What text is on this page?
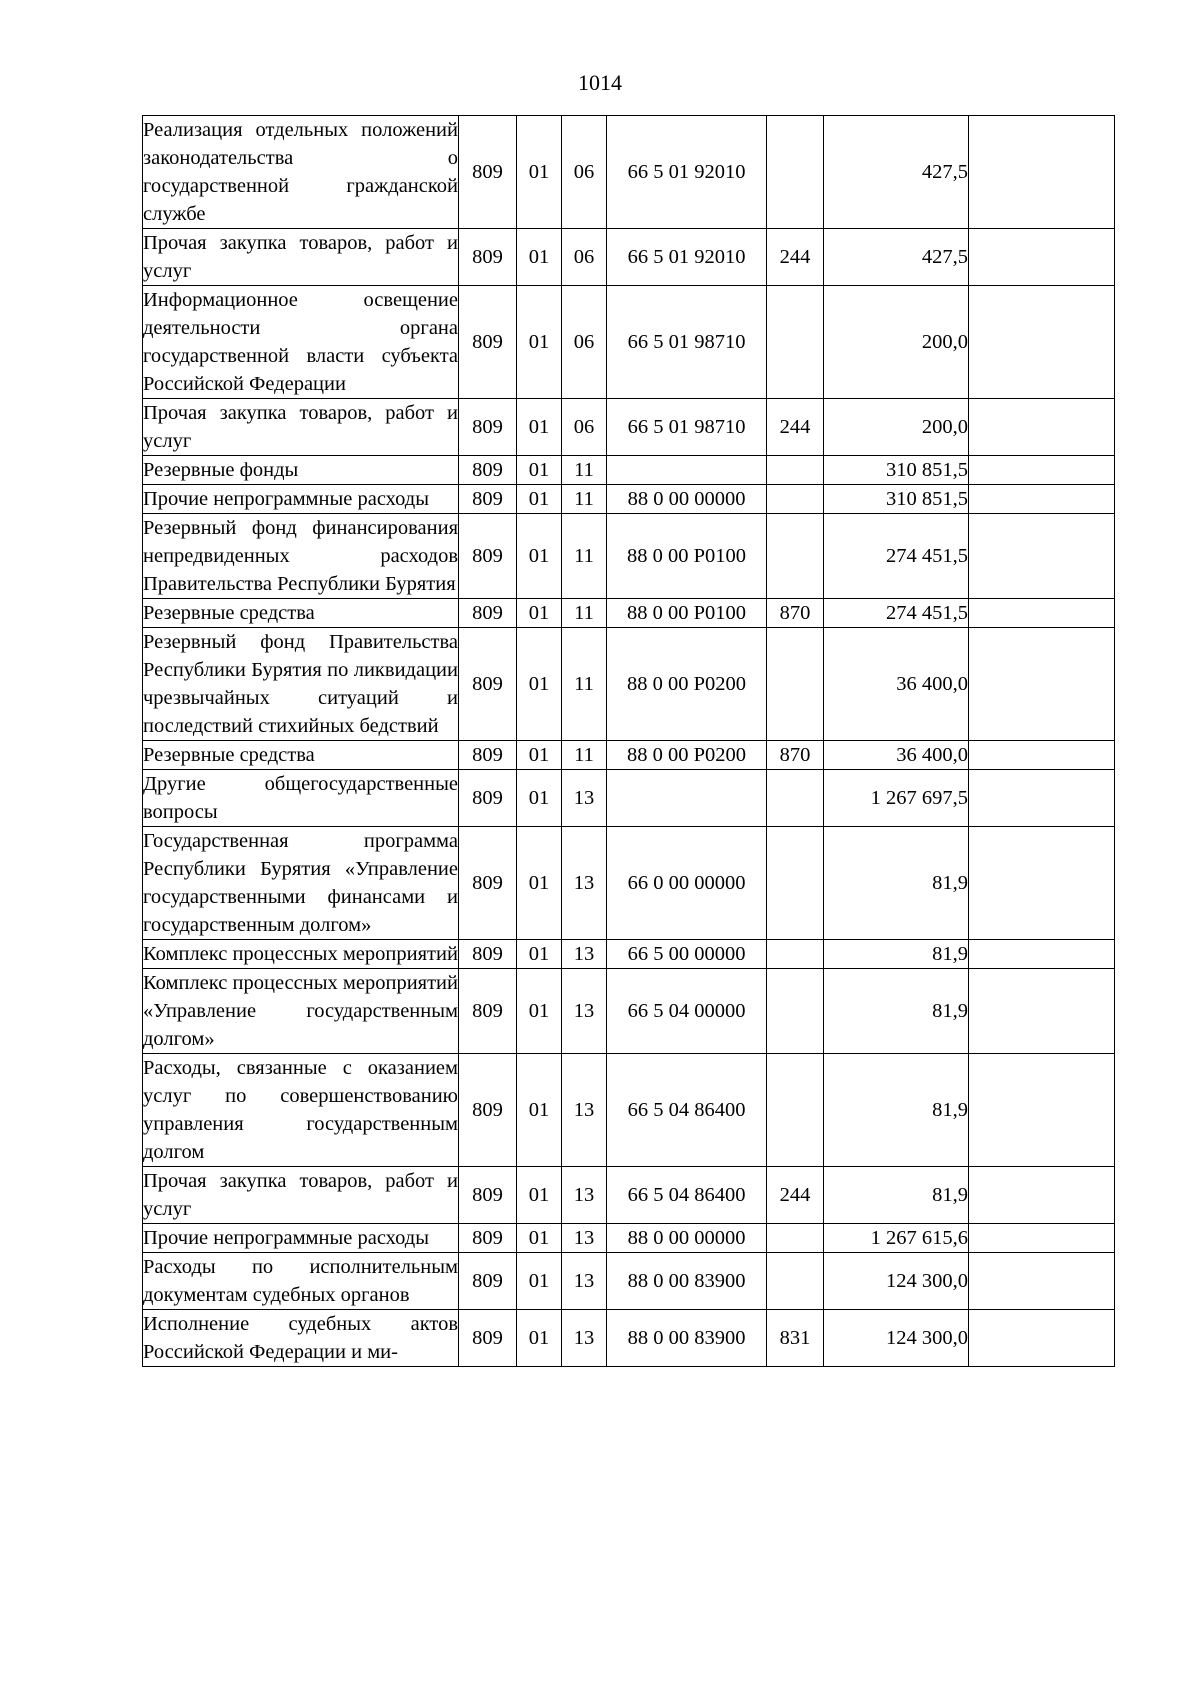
1014
Реализация отдельных положений законодательства о государственной гражданской службе	809	01	06	66 5 01 92010		427,5	
Прочая закупка товаров, работ и услуг	809	01	06	66 5 01 92010	244	427,5	
Информационное освещение деятельности органа государственной власти субъекта Российской Федерации	809	01	06	66 5 01 98710		200,0	
Прочая закупка товаров, работ и услуг	809	01	06	66 5 01 98710	244	200,0	
Резервные фонды	809	01	11			310 851,5	
Прочие непрограммные расходы	809	01	11	88 0 00 00000		310 851,5	
Резервный фонд финансирования непредвиденных расходов Правительства Республики Бурятия	809	01	11	88 0 00 Р0100		274 451,5	
Резервные средства	809	01	11	88 0 00 Р0100	870	274 451,5	
Резервный фонд Правительства Республики Бурятия по ликвидации чрезвычайных ситуаций и последствий стихийных бедствий	809	01	11	88 0 00 Р0200		36 400,0	
Резервные средства	809	01	11	88 0 00 Р0200	870	36 400,0	
Другие общегосударственные вопросы	809	01	13			1 267 697,5	
Государственная программа Республики Бурятия «Управление государственными финансами и государственным долгом»	809	01	13	66 0 00 00000		81,9	
Комплекс процессных мероприятий	809	01	13	66 5 00 00000		81,9	
Комплекс процессных мероприятий «Управление государственным долгом»	809	01	13	66 5 04 00000		81,9	
Расходы, связанные с оказанием услуг по совершенствованию управления государственным долгом	809	01	13	66 5 04 86400		81,9	
Прочая закупка товаров, работ и услуг	809	01	13	66 5 04 86400	244	81,9	
Прочие непрограммные расходы	809	01	13	88 0 00 00000		1 267 615,6	
Расходы по исполнительным документам судебных органов	809	01	13	88 0 00 83900		124 300,0	
Исполнение судебных актов Российской Федерации и ми-	809	01	13	88 0 00 83900	831	124 300,0	
